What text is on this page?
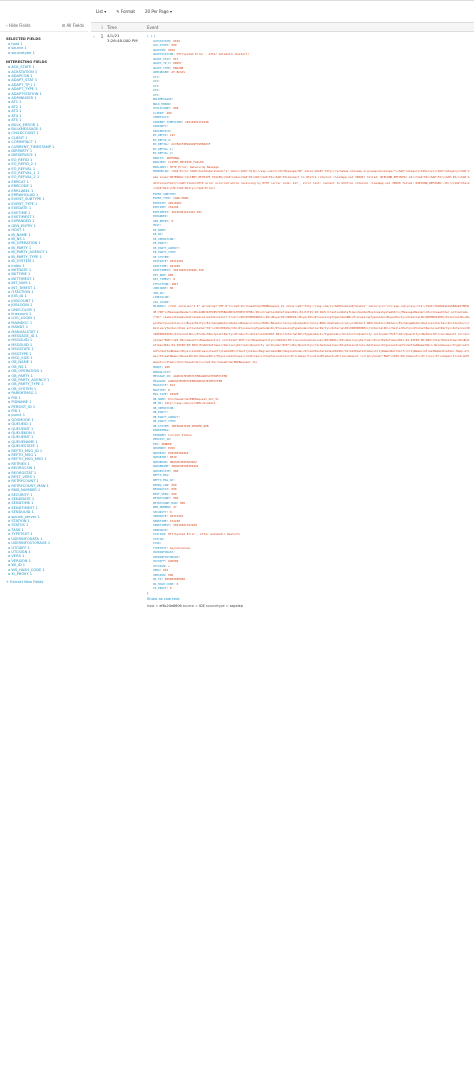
List ▾	✎ Format	20 Per Page ▾
‹ Hide Fields	☰ All Fields
SELECTED FIELDS
a host 1
a source 1
a sourcetype 1
INTERESTING FIELDS
a ACK_STATE 1
a ACKSTATION 1
a ADAPCON 1
a ADAPT_STAT 1
a ADAPT_TP_I 1
a ADAPT_TYPE 1
a ADAPTSTATION 1
a ADMINUSER 1
a AT1 1
a AT2 1
a AT3 1
a AT4 1
a AT5 1
a BULK_ERROR 1
a BULKMESSAGE 1
a CHILDCOUNT 1
a CLIENT 1
a COMMITACT 1
a CURRENT_TIMESTAMP 1
a DIRPARTY 1
a DIRSERVICE 1
a EO_REFID 1
a EO_REFID_2 1
a EO_REFVAL 1
a EO_REFVAL_1 1
a EO_REFVAL_2 1
a ERRCAT 1
a ERRCODE 1
a ERRLABEL 1
a ERRWHOLAD 1
a EVENT_SUBTYPE 1
a EVENT_TYPE 1
a EXEDATE 1
a EXETIME 1
a EXETIMEST 1
a EXPANDED 1
a GEN_ENTRY 1
a HOST 1
a IB_NAME 1
a IB_NS 1
a IB_OPERATION 1
a IB_PARTY 1
a IB_PARTY_AGENCY 1
a IB_PARTY_TYPE 1
a IB_SYSTEM 1
a index 1
a INITDATE 1
a INITTIME 1
a INITTIMEST 1
a INT_NUM 1
a INT_TIMEST 1
a ITFACTION 1
a JOB_ID 1
a JOBCOUNT 1
a JOBLOGIN 1
a LINECOLOR 1
a linecount 1
a LOG_LOGIN 1
a MAINDOC 1
a MANDT 1
a MANUALSTAT 1
a MESSAGE_ID 1
a MSGGUID 1
a MSGGUID 1
a MSGSTATE 1
a MSGTYPE 1
a MSG_SIZE 1
a OB_NAME 1
a OB_NS 1
a OB_OPERATION 1
a OB_PARTY 1
a OB_PARTY_AGENCY 1
a OB_PARTY_TYPE 1
a OB_SYSTEM 1
a PARENTMSG 1
a PID 1
a PIDNAME 1
a PERSIST_ID 1
a PID 1
a punct 1
a QOSMODE 1
a QUEUEID 1
a QUEUEINT 1
a QUEUEKON 1
a QUEUEINT 1
a QUEUENAME 1
a QUEUESTATE 1
a REFTO_MSG_ID 1
a REFTO_MSG 1
a REFTO_MSG_MSG 1
a RETRIES 1
a REORGCON 1
a REORGSTAT 1
a REST_VERS 1
a RETRYCOUNT 1
a RETRYCOUNT_MAN 1
a RND_NUMBER 1
a SECURITY 1
a SENDDATE 1
a SENDTIME 1
a SENDTIMEST 1
a SENDUUID 1
a splunk_server 1
a STATION 1
a STATUS 1
a TASK 1
a TYPETEXT 1
a USERINFODATA 1
a USERINFOSTORAGE 1
a UTCDIFF 1
a UTCSIGN 1
a VERS 1
a VERSION 1
a WI_ID 1
a WS_HASH_CODE 1
a XI_PROXY 1
+ Extract New Fields
i	Time	Event
›	1 4/1/21
3:26:48.000 PM
{ [-]
ACKSTATION: 0019
ACK_STATE: 000
ADAPCON: 0019
ADAPTSTATION: HTT(System Error - After Automatic Restart)
ADAPT_STAT: 013
ADAPT_TP_I: PROXY
ADAPT_TYPE: ENGINE
ADMINUSER: AF-BASIS
AT1:
AT2:
AT3:
AT4:
AT5:
BULKMESSAGE:
BULK_ERROR:
CHILDCOUNT: 000
CLIENT: 400
COMMITACT:
CURRENT_TIMESTAMP: 20210401152248
DIRPARTY:
DIRSERVICE:
EO_REFID: 123
EO_REFID_2:
EO_REFVAL: AC7061F2E9A9A9F01EB463F
EO_REFVAL_1:
EO_REFVAL_2:
ERRCAT: INTERNAL
ERRCODE: CLIENT_RECEIVE_FAILED
ERRLABEL: HTTP Error: Receiving Message
ERRWHOLAD: <SAP:Error SOAP:mustUnderstand="1" xmlns:SAP="http://sap.com/xi/XI/Message/30" xmlns:SOAP="http://schemas.xmlsoap.org/soap/envelope/"><SAP:Category>XIServer</SAP:Category><SAP:Code area="INTERNAL">CLIENT_RECEIVE_FAILED</SAP:Code><SAP:P1>410</SAP:P1><SAP:P2>Connect to WfsTra internal (loadapp.net 30000) failed: NIECONN_REFUSED(-10)</SAP:P2><SAP:P3/><SAP:P4/><SAP:AdditionalText/><SAP:Stack>HTTP error occurred while receiving by HTTP (error code: 417 , error text: Connect to WfsTrac internal (loadapp.net 30000 failed: NIECONN_REFUSED(-10))</SAP:Stack><SAP:Retry>M</SAP:Retry></SAP:Error>
EVENT_SUBTYPE:
EVENT_TYPE: CANG.HUNG
EXEDATE: 20210401
EXETIME: 152248
EXETIMEST: 20210401152421.953
EXPANDED:
GEN_ENTRY: 0
HOST:
IB_NAME:
IB_NS:
IB_OPERATION:
IB_PARTY:
IB_PARTY_AGENCY:
IB_PARTY_TYPE:
IB_SYSTEM:
INITDATE: 20210401
INITTIME: 021948
INITTIMEST: 20210401150946.358
INT_NUM: 000
INT_TIMEST: 0
ITFACTION: INIT
JOBCOUNT: 00
JOB_ID:
LINECOLOR:
LOG_LOGIN:
MAINDOC: <?xml version="1.0" encoding="UTF-8"?><ns0:PurchaseOrderERPRequest_In xmlns:ns0="http://sap.com/xi/SAPGlobal20/Global" xmlns:prx="urn:sap.com:proxy:CCI:/1SAI/TAS8A64A1A5B4A9478E9C4E:700"><MessageHeader><ID>AA0D3A7ECB57CE5BAA0D3A7ECB57CE5B</ID><CreationDateTime>2021-04-01T15:20:46Z</CreationDateTime><SenderBusinessSystemID/></MessageHeader><PurchaseOrder actionCode="01" itemListCompleteTransmissionIndicator="true"><ID>4500000661</ID><BuyerID>400018</BuyerID><ProcessingTypeCode>NB</ProcessingTypeCode><BuyerParty><InternalID>0000001000</InternalID><BuyerPartyLocation/></BuyerParty><ExchangeRate><Rate><BaseCurrency>EUR</BaseCurrency><QuotedCurrency>EUR</QuotedCurrency><Rate>1.000</Rate></Rate></ExchangeRate><DeliveryTerms><Incoterms/></DeliveryTerms><Item actionCode="01"><ID>00010</ID><ProcessingTypeCode>0</ProcessingTypeCode><SellerParty><InternalID>0000000001</InternalID></SellerParty><ProductRecipientParty><InternalID>0000001000</InternalID></ProductRecipientParty><Product><InternalID>MAT-001</InternalID><TypeCode>1</TypeCode></Product><Quantity unitCode="PCE">10</Quantity><NetUnitPrice><Amount currencyCode="EUR">125.00</Amount><BaseQuantity unitCode="PCE">1</BaseQuantity></NetUnitPrice><ScheduleLine><ID>0001</ID><DeliveryPeriod><StartDateTime>2021-04-02T00:00:00Z</StartDateTime><EndDateTime>2021-04-02T00:00:00Z</EndDateTime></DeliveryPeriod><Quantity unitCode="PCE">10</Quantity></ScheduleLine><ShipToLocation><Address><OrganisationFormattedName>Main Warehouse</OrganisationFormattedName><PhysicalAddress><CountryCode>DE</CountryCode><RegionCode>BW</RegionCode><StreetPostalCode>69190</StreetPostalCode><CityName>Walldorf</CityName><StreetName>Dietmar-Hopp-Allee</StreetName><HouseID>16</HouseID></PhysicalAddress></Address></ShipToLocation><PriceSpecificationElement><Price><Amount currencyCode="EUR">1250.00</Amount></Price></PriceSpecificationElement></Item></PurchaseOrder></ns0:PurchaseOrderERPRequest_In>
MANDT: 400
MANUALSTAT:
MESSAGE_ID: AA0D3A7ECB57CE5BAA0D3A7ECB57CE5B
MSGGUID: AA0D3A7ECB57CE5BAA0D3A7ECB57CE5B
MSGSTATE: 014
MSGTYPE: R
MSG_SIZE: 10928
OB_NAME: PurchaseOrderERPRequest_Out_V1
OB_NS: http://sap.com/xi/APPL/Global2
OB_OPERATION:
OB_PARTY:
OB_PARTY_AGENCY:
OB_PARTY_TYPE:
OB_SYSTEM: INTEGRATION_SERVER_QEB
PARENTMSG:
PIDNAME: Current Status
PERSIST_ID:
PID: SENDER
QOSMODE: EOIO
QUEUEID: PO4500384462
QUEUEINT: 0019
QUEUEKON: XBQSPO4500384462
QUEUENAME: XBQSPO4500384462
QUEUESTATE: 000
REFTO_MSG:
REFTO_MSG_ID:
REORG_CON: 000
REORGSTAT: 000
REST_VERS: 000
RETRYCOUNT: 000
RETRYCOUNT_MAN: 000
RND_NUMBER: 27
SECURITY: 0
SENDDATE: 20210401
SENDTIME: 152248
SENDTIMEST: 20210401152248
SENDUUID:
STATION: HTT(System Error - After Automatic Restart)
STATUS:
TASK:
TYPETEXT: Asynchronous
USERINFODATA:
USERINFOSTORAGE:
UTCDIFF: 020000
UTCSIGN: +
VERS: 001
VERSION: 000
WI_ID: 000000000000
WS_HASH_CODE: 0
XI_PROXY: 0
}
Show as raw text
host = ef6c24e8606 source = IDE sourcetype = sapxlep
